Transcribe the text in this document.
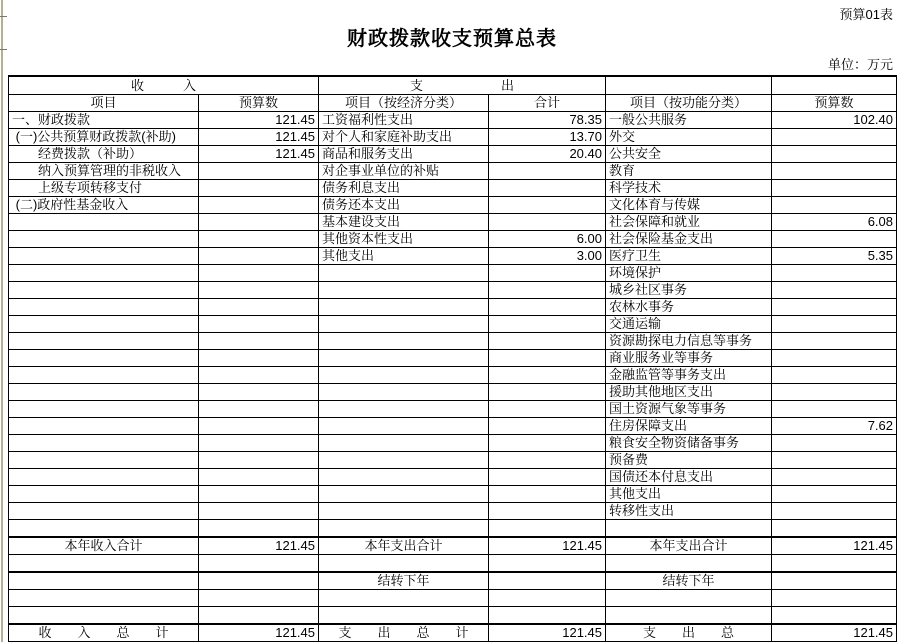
预算01表
财政拨款收支预算总表
单位：万元
收　　　入		支　　　　　　出			
项目	预算数	项目（按经济分类）	合计	项目（按功能分类）	预算数
一、财政拨款	121.45	工资福利性支出	78.35	一般公共服务	102.40
(一)公共预算财政拨款(补助)	121.45	对个人和家庭补助支出	13.70	外交	
　　经费拨款（补助）	121.45	商品和服务支出	20.40	公共安全	
　　纳入预算管理的非税收入		对企事业单位的补贴		教育	
　　上级专项转移支付		债务利息支出		科学技术	
(二)政府性基金收入		债务还本支出		文化体育与传媒	
		基本建设支出		社会保障和就业	6.08
		其他资本性支出	6.00	社会保险基金支出	
		其他支出	3.00	医疗卫生	5.35
				环境保护	
				城乡社区事务	
				农林水事务	
				交通运输	
				资源勘探电力信息等事务	
				商业服务业等事务	
				金融监管等事务支出	
				援助其他地区支出	
				国土资源气象等事务	
				住房保障支出	7.62
				粮食安全物资储备事务	
				预备费	
				国债还本付息支出	
				其他支出	
				转移性支出	

本年收入合计	121.45	本年支出合计	121.45	本年支出合计	121.45

		结转下年		结转下年	

收　　入　　总　　计	121.45	支　　出　　总　　计	121.45	支　　出　　总	121.45
